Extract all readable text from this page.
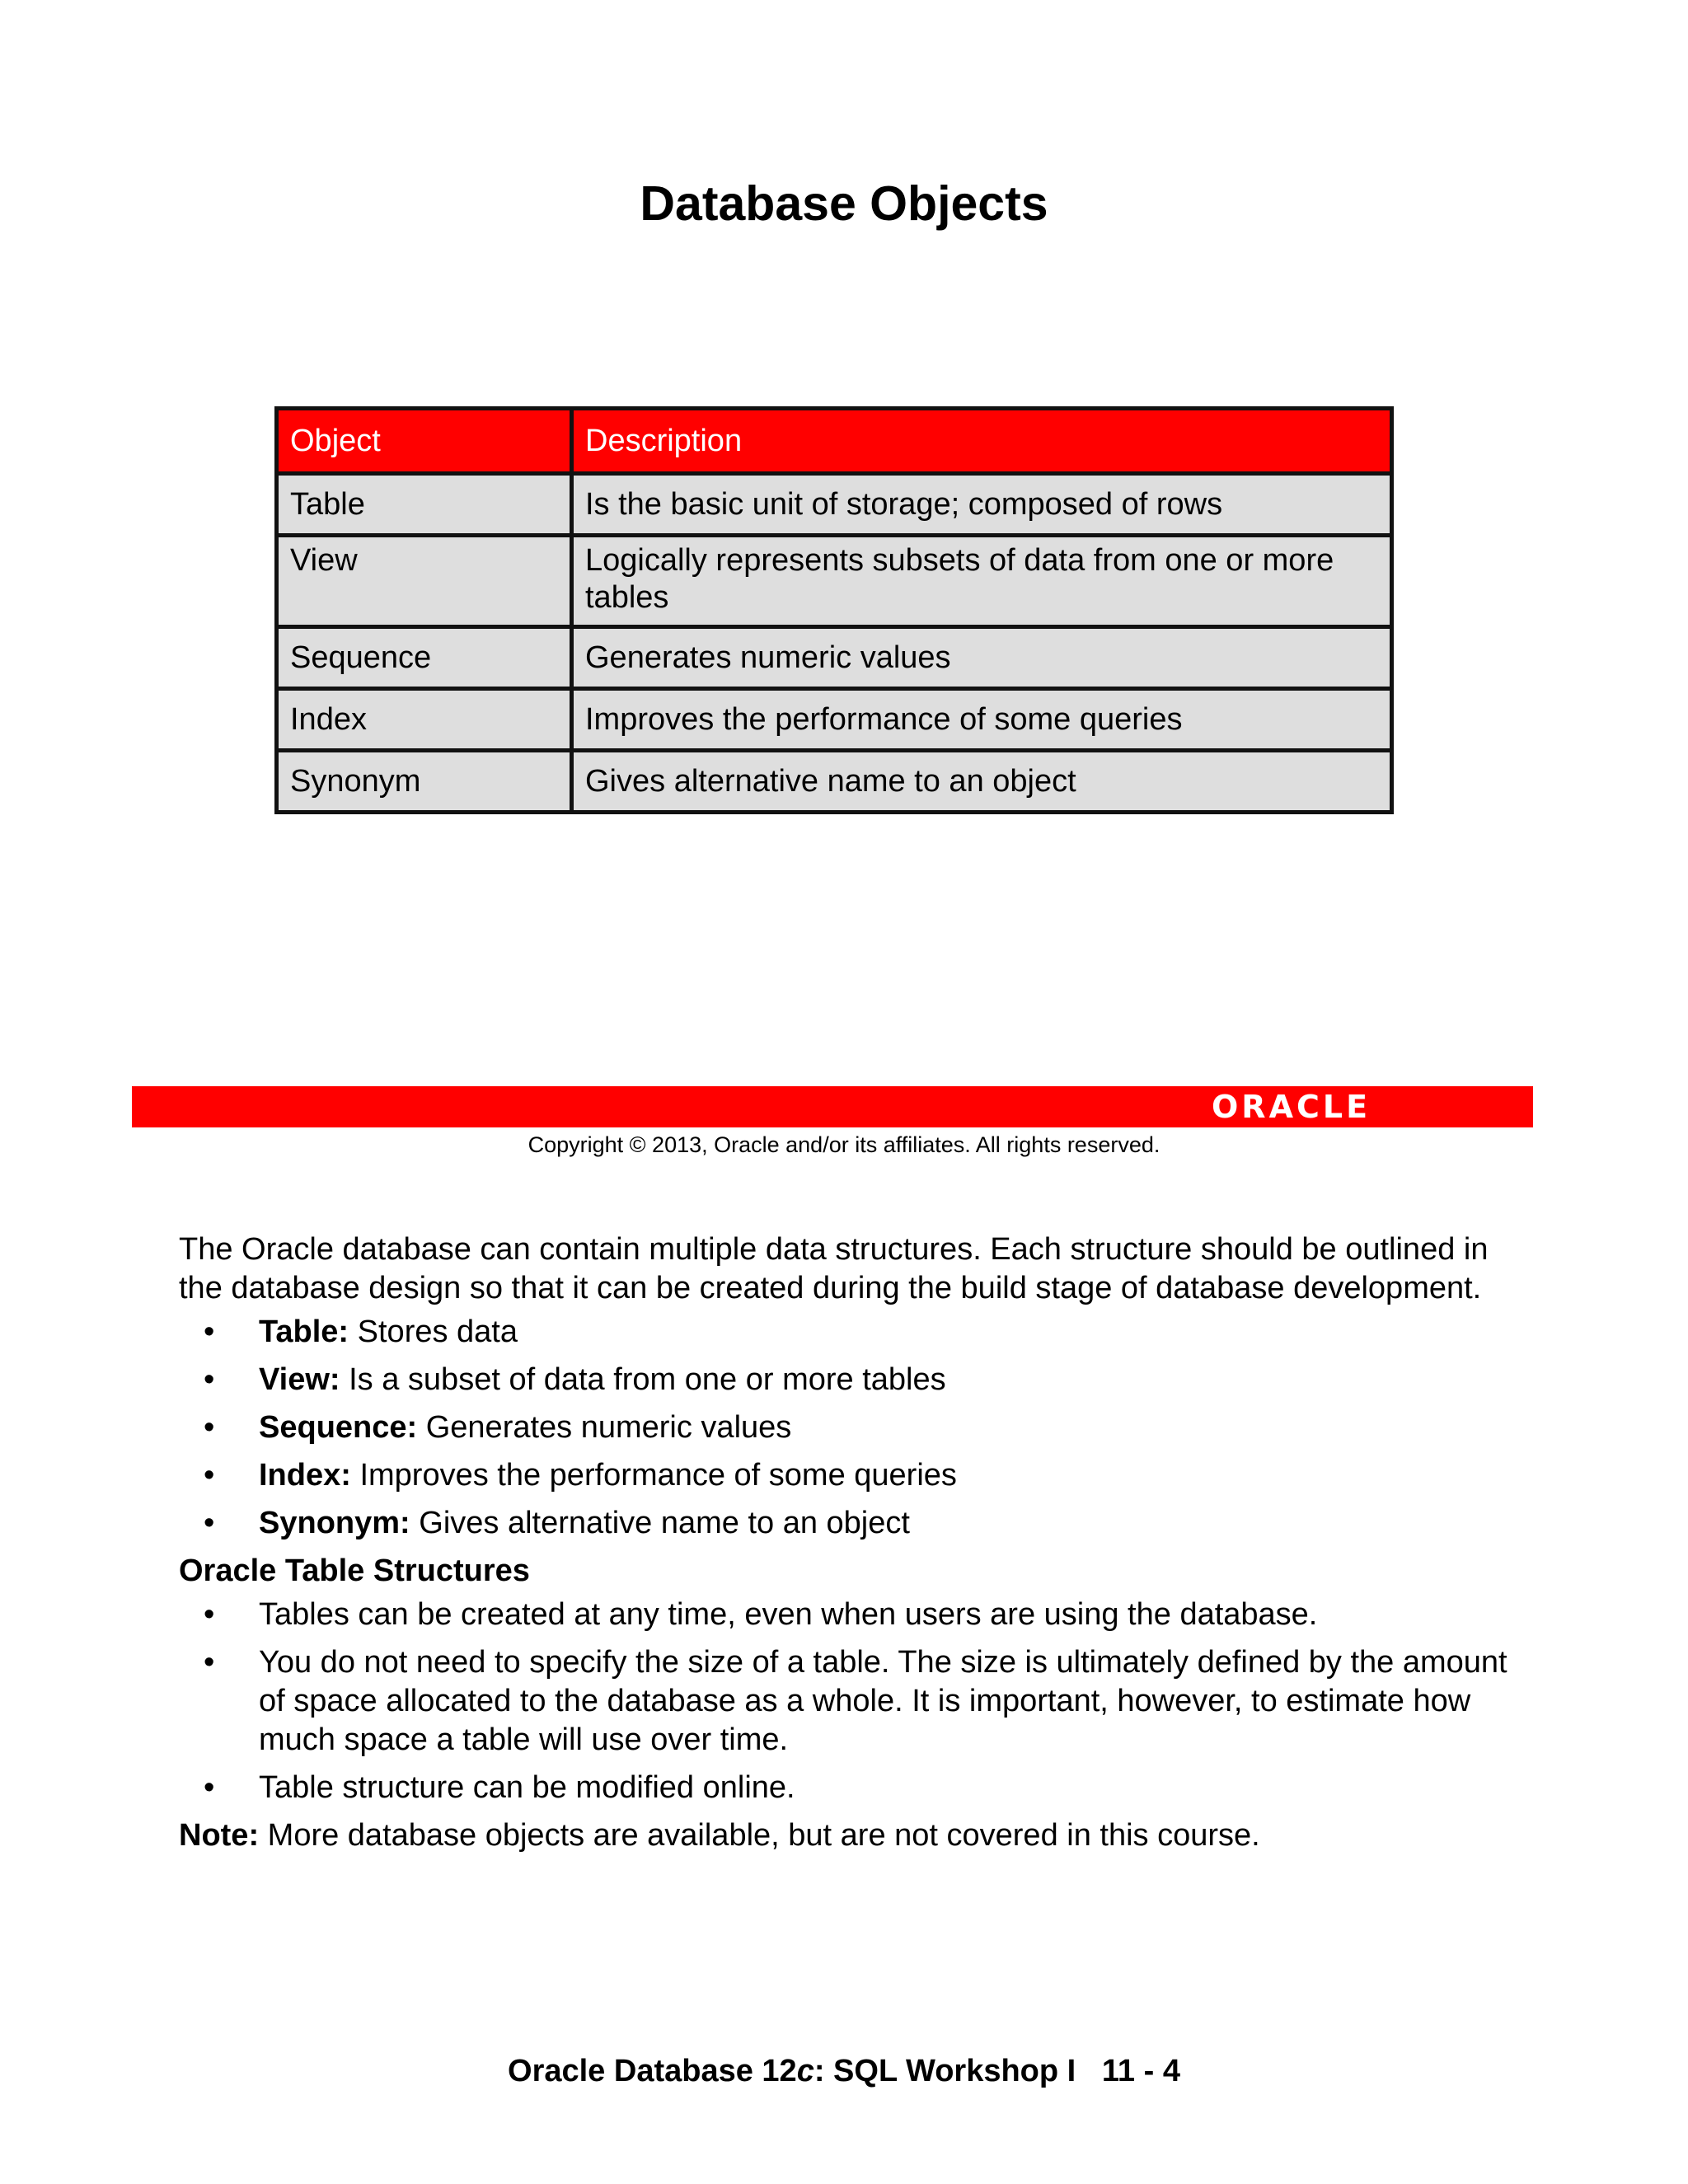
Database Objects
Object	Description
Table	Is the basic unit of storage; composed of rows
View	Logically represents subsets of data from one or more tables
Sequence	Generates numeric values
Index	Improves the performance of some queries
Synonym	Gives alternative name to an object
ORACLE
Copyright © 2013, Oracle and/or its affiliates. All rights reserved.

The Oracle database can contain multiple data structures. Each structure should be outlined in the database design so that it can be created during the build stage of database development.

• Table: Stores data
• View: Is a subset of data from one or more tables
• Sequence: Generates numeric values
• Index: Improves the performance of some queries
• Synonym: Gives alternative name to an object

Oracle Table Structures

• Tables can be created at any time, even when users are using the database.
• You do not need to specify the size of a table. The size is ultimately defined by the amount of space allocated to the database as a whole. It is important, however, to estimate how much space a table will use over time.
• Table structure can be modified online.

Note: More database objects are available, but are not covered in this course.

Oracle Database 12c: SQL Workshop I   11 - 4
